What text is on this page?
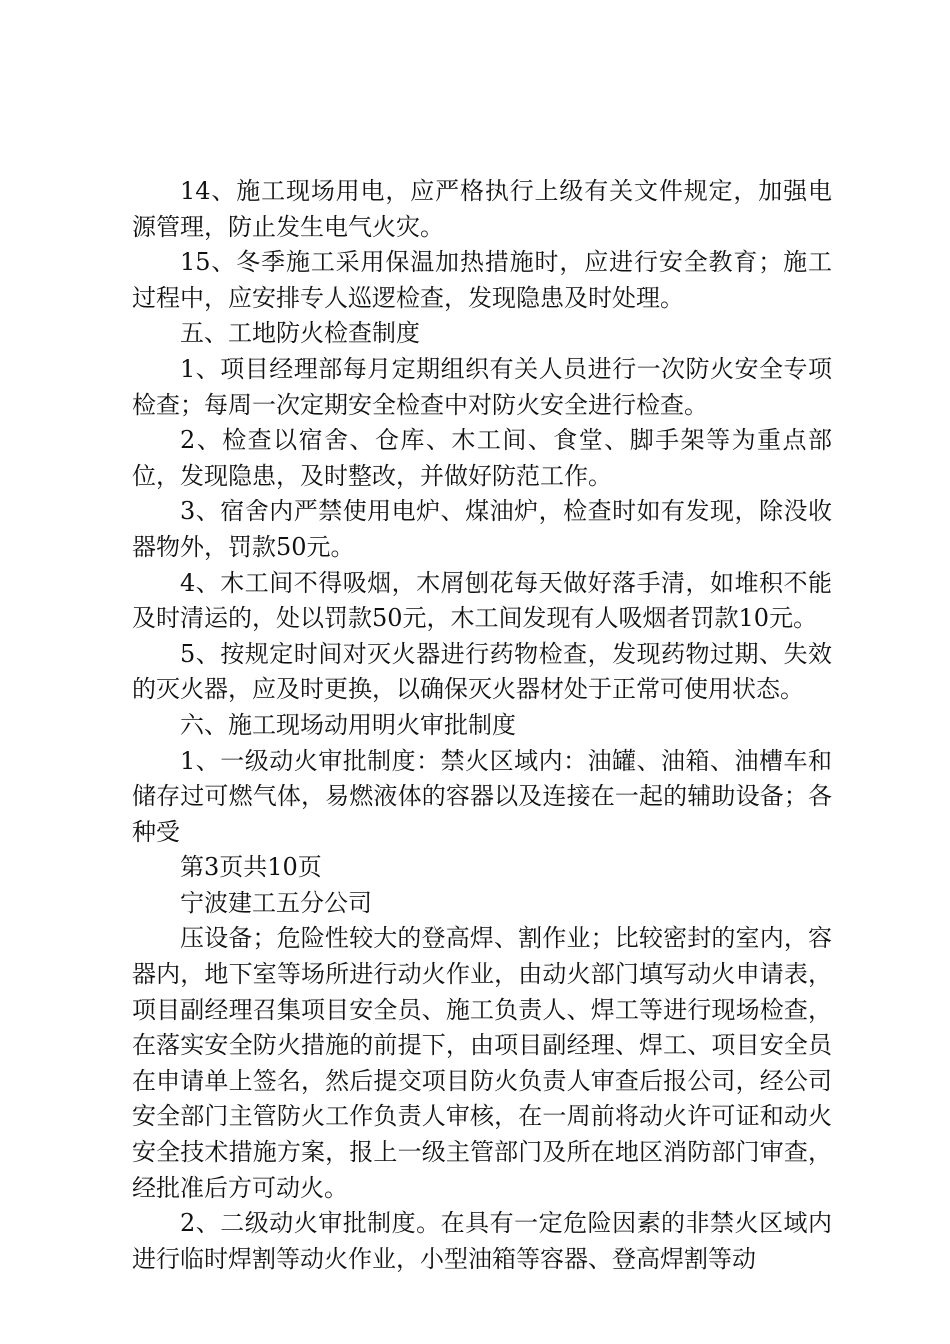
14、施工现场用电，应严格执行上级有关文件规定，加强电源管理，防止发生电气火灾。

15、冬季施工采用保温加热措施时，应进行安全教育；施工过程中，应安排专人巡逻检查，发现隐患及时处理。

五、工地防火检查制度

1、项目经理部每月定期组织有关人员进行一次防火安全专项检查；每周一次定期安全检查中对防火安全进行检查。

2、检查以宿舍、仓库、木工间、食堂、脚手架等为重点部位，发现隐患，及时整改，并做好防范工作。

3、宿舍内严禁使用电炉、煤油炉，检查时如有发现，除没收器物外，罚款50元。

4、木工间不得吸烟，木屑刨花每天做好落手清，如堆积不能及时清运的，处以罚款50元，木工间发现有人吸烟者罚款10元。

5、按规定时间对灭火器进行药物检查，发现药物过期、失效的灭火器，应及时更换，以确保灭火器材处于正常可使用状态。

六、施工现场动用明火审批制度

1、一级动火审批制度：禁火区域内：油罐、油箱、油槽车和储存过可燃气体，易燃液体的容器以及连接在一起的辅助设备；各种受

第3页共10页

宁波建工五分公司

压设备；危险性较大的登高焊、割作业；比较密封的室内，容器内，地下室等场所进行动火作业，由动火部门填写动火申请表，项目副经理召集项目安全员、施工负责人、焊工等进行现场检查，在落实安全防火措施的前提下，由项目副经理、焊工、项目安全员在申请单上签名，然后提交项目防火负责人审查后报公司，经公司安全部门主管防火工作负责人审核，在一周前将动火许可证和动火安全技术措施方案，报上一级主管部门及所在地区消防部门审查，经批准后方可动火。

2、二级动火审批制度。在具有一定危险因素的非禁火区域内进行临时焊割等动火作业，小型油箱等容器、登高焊割等动
